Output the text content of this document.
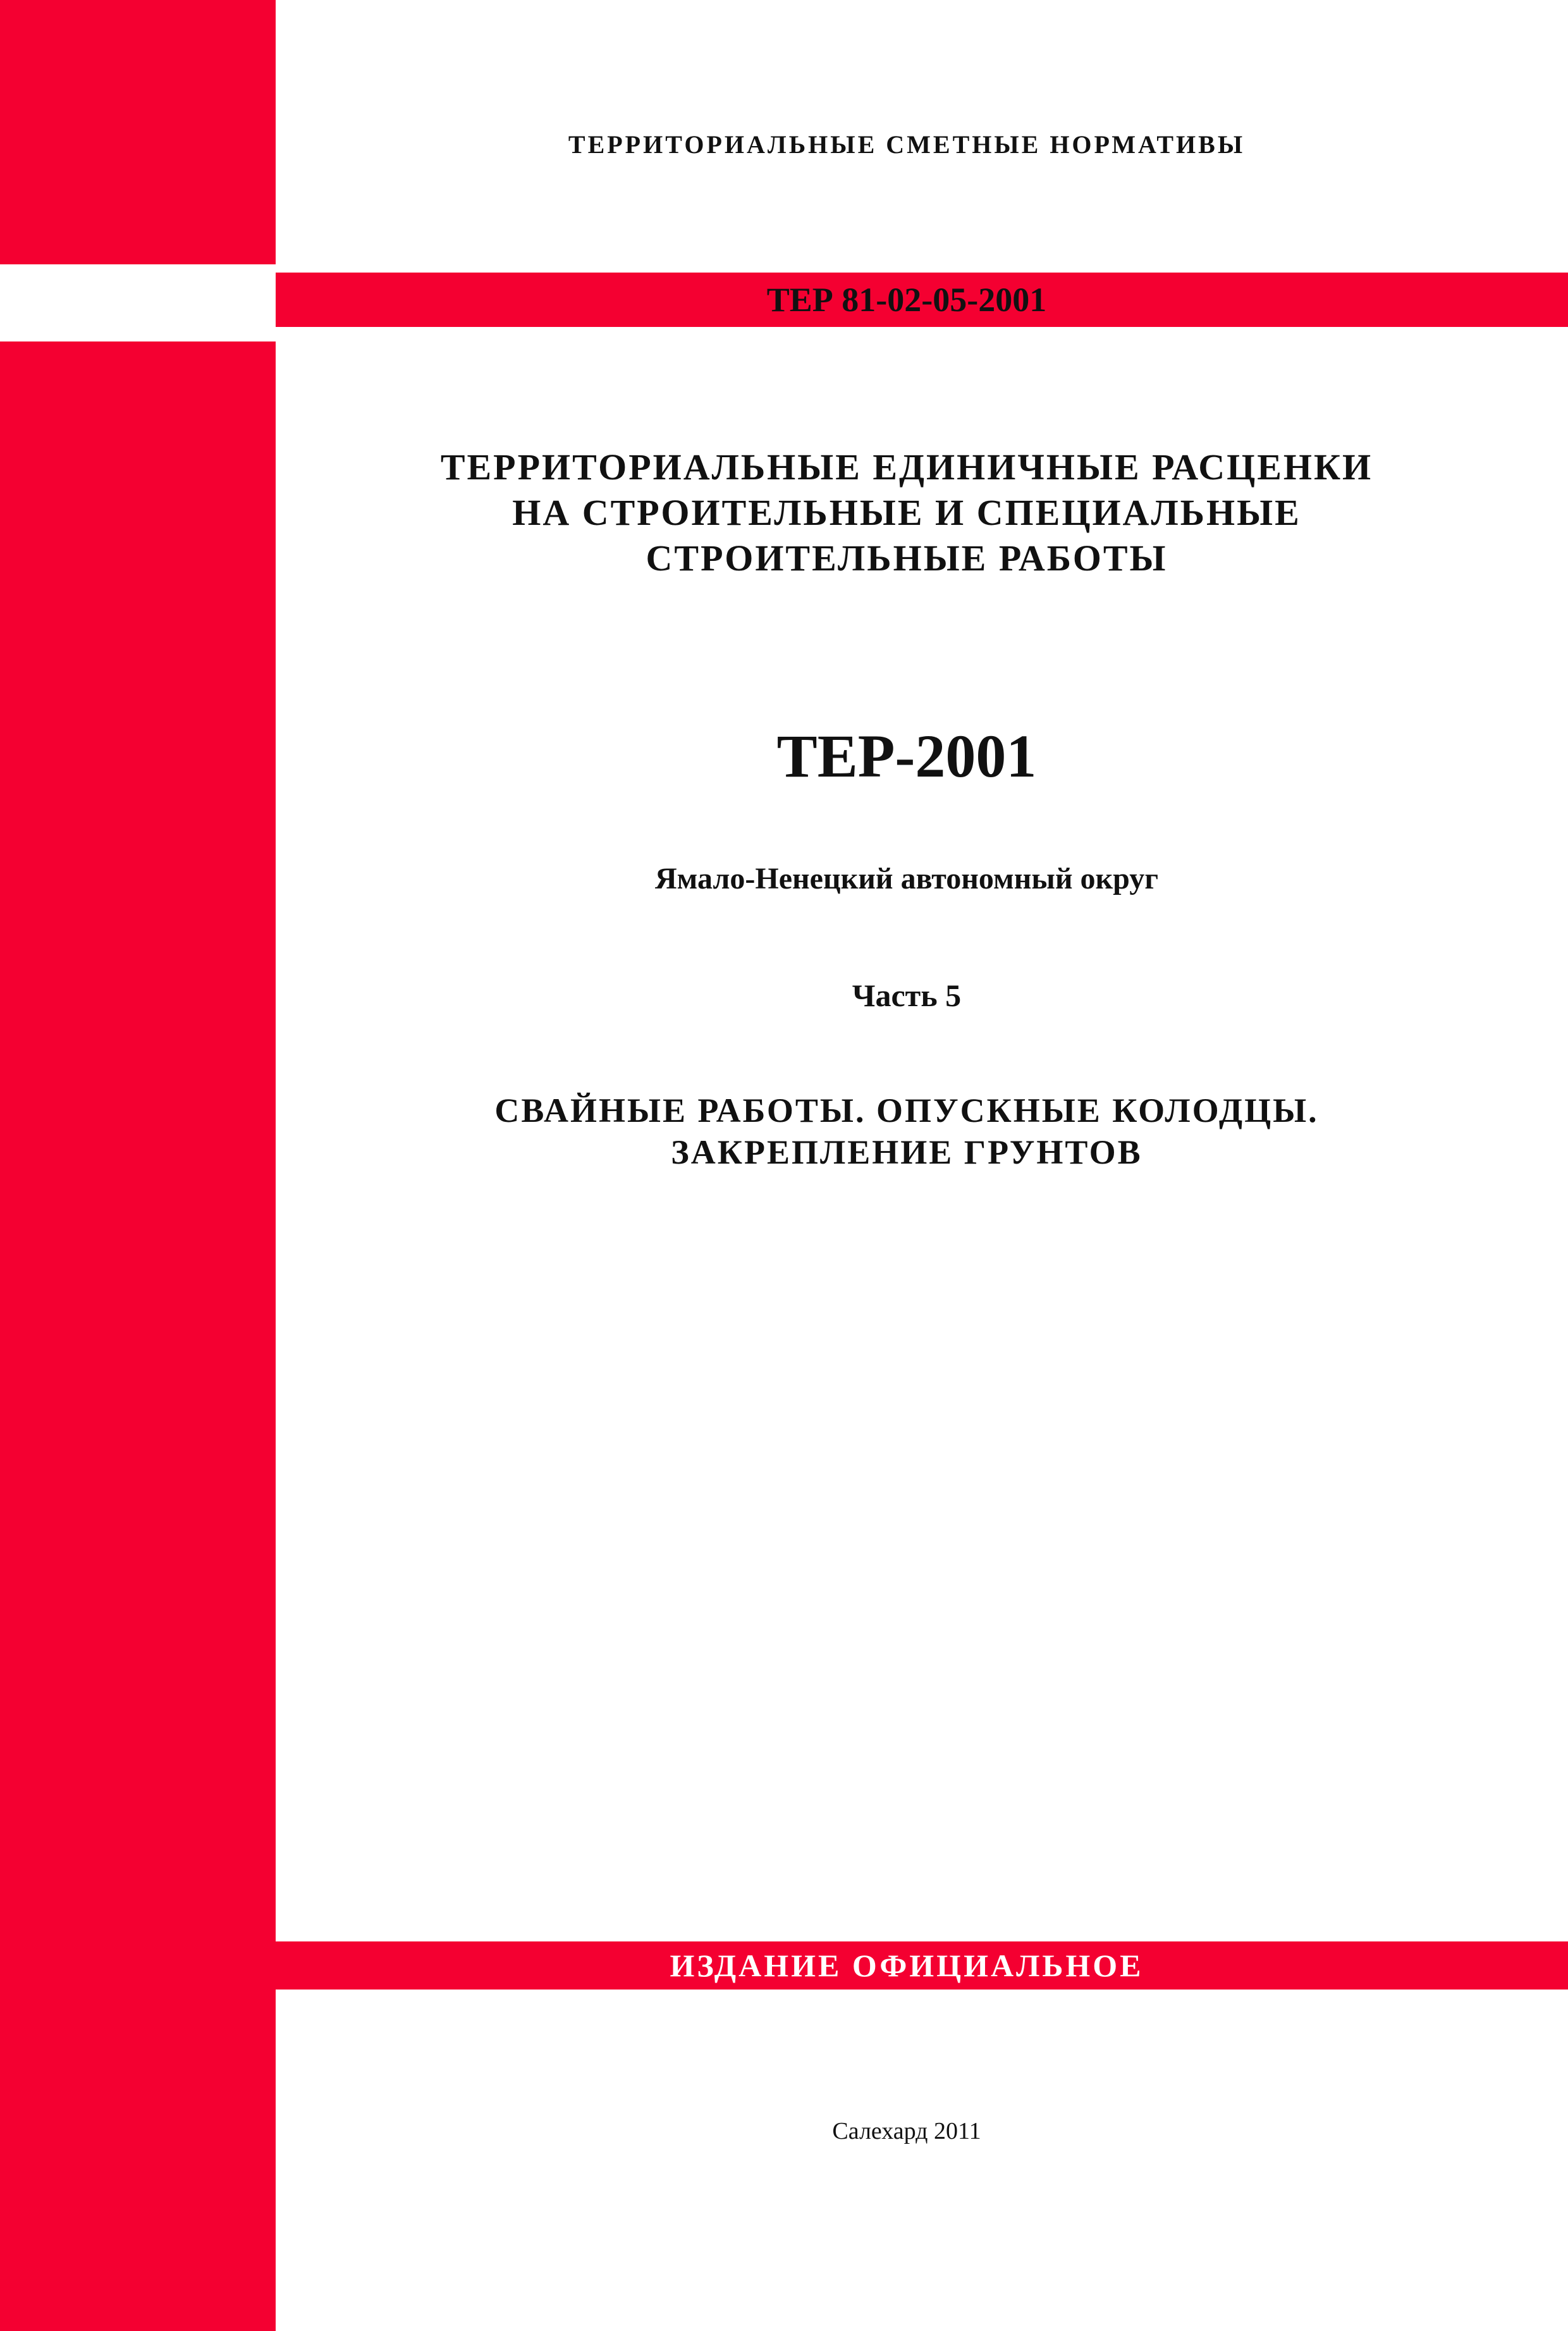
ТЕРРИТОРИАЛЬНЫЕ СМЕТНЫЕ НОРМАТИВЫ
ТЕР 81-02-05-2001
ТЕРРИТОРИАЛЬНЫЕ ЕДИНИЧНЫЕ РАСЦЕНКИ
НА СТРОИТЕЛЬНЫЕ И СПЕЦИАЛЬНЫЕ
СТРОИТЕЛЬНЫЕ РАБОТЫ
ТЕР-2001
Ямало-Ненецкий автономный округ
Часть 5
СВАЙНЫЕ РАБОТЫ. ОПУСКНЫЕ КОЛОДЦЫ.
ЗАКРЕПЛЕНИЕ ГРУНТОВ
ИЗДАНИЕ ОФИЦИАЛЬНОЕ
Салехард 2011
